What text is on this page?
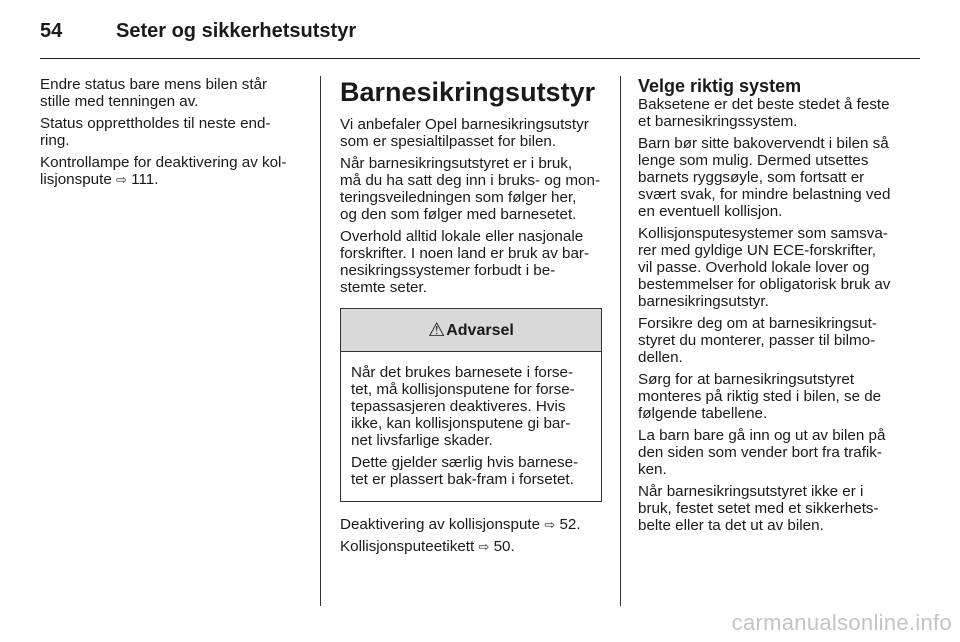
54	Seter og sikkerhetsutstyr

Endre status bare mens bilen står
stille med tenningen av.

Status opprettholdes til neste end-
ring.

Kontrollampe for deaktivering av kol-
lisjonspute ⇨ 111.

Barnesikringsutstyr

Vi anbefaler Opel barnesikringsutstyr
som er spesialtilpasset for bilen.

Når barnesikringsutstyret er i bruk,
må du ha satt deg inn i bruks- og mon-
teringsveiledningen som følger her,
og den som følger med barnesetet.

Overhold alltid lokale eller nasjonale
forskrifter. I noen land er bruk av bar-
nesikringssystemer forbudt i be-
stemte seter.

⚠ Advarsel

Når det brukes barnesete i forse-
tet, må kollisjonsputene for forse-
tepassasjeren deaktiveres. Hvis
ikke, kan kollisjonsputene gi bar-
net livsfarlige skader.

Dette gjelder særlig hvis barnese-
tet er plassert bak-fram i forsetet.

Deaktivering av kollisjonspute ⇨ 52.

Kollisjonsputeetikett ⇨ 50.

Velge riktig system

Baksetene er det beste stedet å feste
et barnesikringssystem.

Barn bør sitte bakovervendt i bilen så
lenge som mulig. Dermed utsettes
barnets ryggsøyle, som fortsatt er
svært svak, for mindre belastning ved
en eventuell kollisjon.

Kollisjonsputesystemer som samsva-
rer med gyldige UN ECE-forskrifter,
vil passe. Overhold lokale lover og
bestemmelser for obligatorisk bruk av
barnesikringsutstyr.

Forsikre deg om at barnesikringsut-
styret du monterer, passer til bilmo-
dellen.

Sørg for at barnesikringsutstyret
monteres på riktig sted i bilen, se de
følgende tabellene.

La barn bare gå inn og ut av bilen på
den siden som vender bort fra trafik-
ken.

Når barnesikringsutstyret ikke er i
bruk, festet setet med et sikkerhets-
belte eller ta det ut av bilen.

carmanualsonline.info
